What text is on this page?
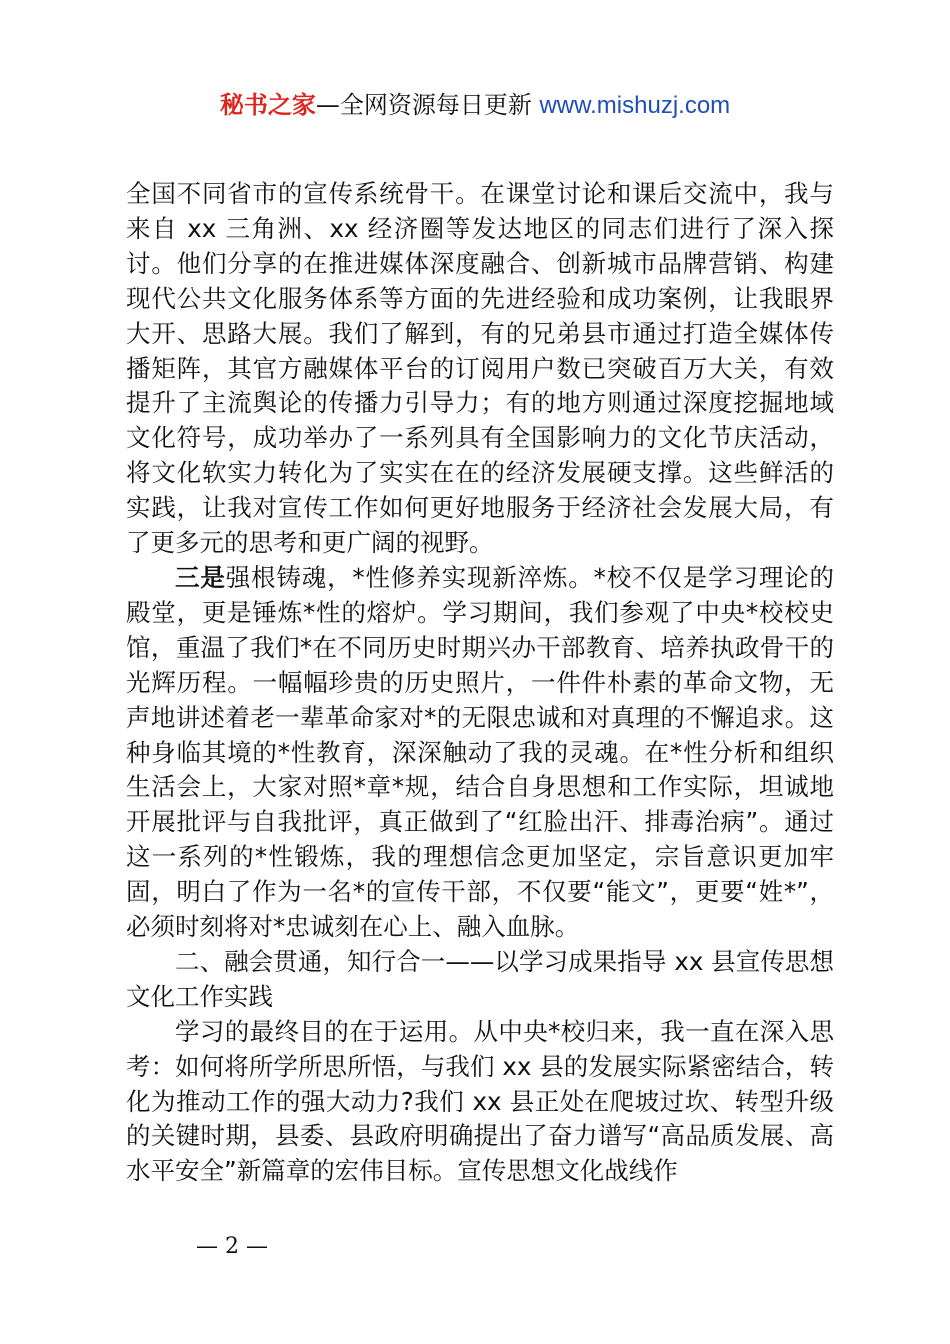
秘书之家—全网资源每日更新 www.mishuzj.com

全国不同省市的宣传系统骨干。在课堂讨论和课后交流中，我与来自 xx 三角洲、xx 经济圈等发达地区的同志们进行了深入探讨。他们分享的在推进媒体深度融合、创新城市品牌营销、构建现代公共文化服务体系等方面的先进经验和成功案例，让我眼界大开、思路大展。我们了解到，有的兄弟县市通过打造全媒体传播矩阵，其官方融媒体平台的订阅用户数已突破百万大关，有效提升了主流舆论的传播力引导力；有的地方则通过深度挖掘地域文化符号，成功举办了一系列具有全国影响力的文化节庆活动，将文化软实力转化为了实实在在的经济发展硬支撑。这些鲜活的实践，让我对宣传工作如何更好地服务于经济社会发展大局，有了更多元的思考和更广阔的视野。

三是强根铸魂，*性修养实现新淬炼。*校不仅是学习理论的殿堂，更是锤炼*性的熔炉。学习期间，我们参观了中央*校校史馆，重温了我们*在不同历史时期兴办干部教育、培养执政骨干的光辉历程。一幅幅珍贵的历史照片，一件件朴素的革命文物，无声地讲述着老一辈革命家对*的无限忠诚和对真理的不懈追求。这种身临其境的*性教育，深深触动了我的灵魂。在*性分析和组织生活会上，大家对照*章*规，结合自身思想和工作实际，坦诚地开展批评与自我批评，真正做到了“红脸出汗、排毒治病”。通过这一系列的*性锻炼，我的理想信念更加坚定，宗旨意识更加牢固，明白了作为一名*的宣传干部，不仅要“能文”，更要“姓*”，必须时刻将对*忠诚刻在心上、融入血脉。

二、融会贯通，知行合一——以学习成果指导 xx 县宣传思想文化工作实践

学习的最终目的在于运用。从中央*校归来，我一直在深入思考：如何将所学所思所悟，与我们 xx 县的发展实际紧密结合，转化为推动工作的强大动力?我们 xx 县正处在爬坡过坎、转型升级的关键时期，县委、县政府明确提出了奋力谱写“高品质发展、高水平安全”新篇章的宏伟目标。宣传思想文化战线作

— 2 —
